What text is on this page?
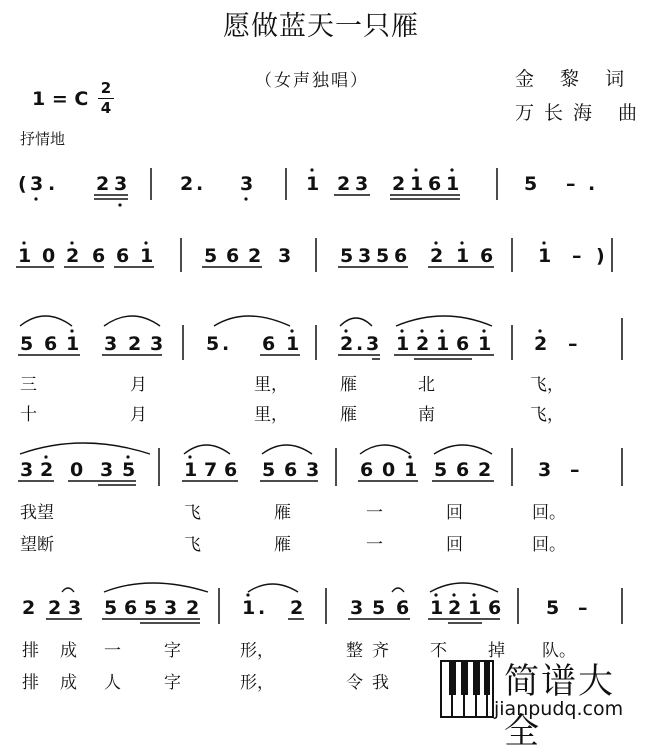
愿做蓝天一只雁
（女声独唱）	金 黎 词
万长海 曲
1 = C 2
4
抒情地
( 3 . 2 3	2 . 3	1 2 3 2 1 6 1	5 – .
1 0 2 6 6 1	5 6 2 3	5 3 5 6 2 1 6 1 – )
5 6 1 3 2 3 5 . 6 1 2 . 3 1 2 1 6 1 2 –
3 2 0 3 5	1 7 6 5 6 3 6 0 1 5 6 2 3 –
2 2 3 5 6 5 3 2 1 . 2 3 5 6 1 2 1 6 5 –
三	月	里，	雁	北	飞，
十	月	里，	雁	南	飞，
我望	飞	雁	一	回	回。
望断	飞	雁	一	回	回。
排 成 一	字	形，	整 齐 不 掉 队。
排 成 人	字	形，	令 我	简谱大全
jianpudq.com
